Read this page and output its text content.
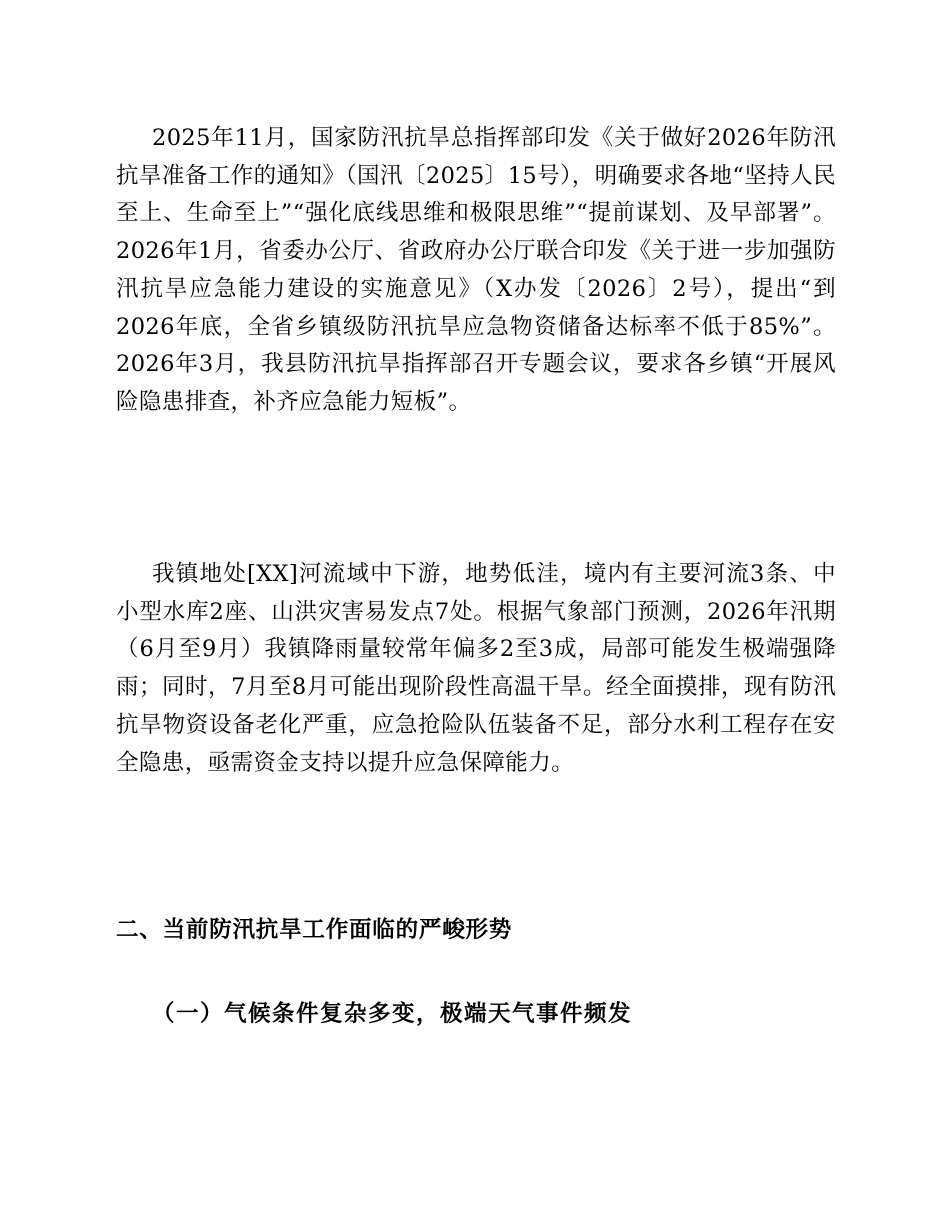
2025年11月，国家防汛抗旱总指挥部印发《关于做好2026年防汛抗旱准备工作的通知》（国汛〔2025〕15号），明确要求各地“坚持人民至上、生命至上”“强化底线思维和极限思维”“提前谋划、及早部署”。2026年1月，省委办公厅、省政府办公厅联合印发《关于进一步加强防汛抗旱应急能力建设的实施意见》（X办发〔2026〕2号），提出“到2026年底，全省乡镇级防汛抗旱应急物资储备达标率不低于85%”。2026年3月，我县防汛抗旱指挥部召开专题会议，要求各乡镇“开展风险隐患排查，补齐应急能力短板”。

我镇地处[XX]河流域中下游，地势低洼，境内有主要河流3条、中小型水库2座、山洪灾害易发点7处。根据气象部门预测，2026年汛期（6月至9月）我镇降雨量较常年偏多2至3成，局部可能发生极端强降雨；同时，7月至8月可能出现阶段性高温干旱。经全面摸排，现有防汛抗旱物资设备老化严重，应急抢险队伍装备不足，部分水利工程存在安全隐患，亟需资金支持以提升应急保障能力。

二、当前防汛抗旱工作面临的严峻形势
（一）气候条件复杂多变，极端天气事件频发
